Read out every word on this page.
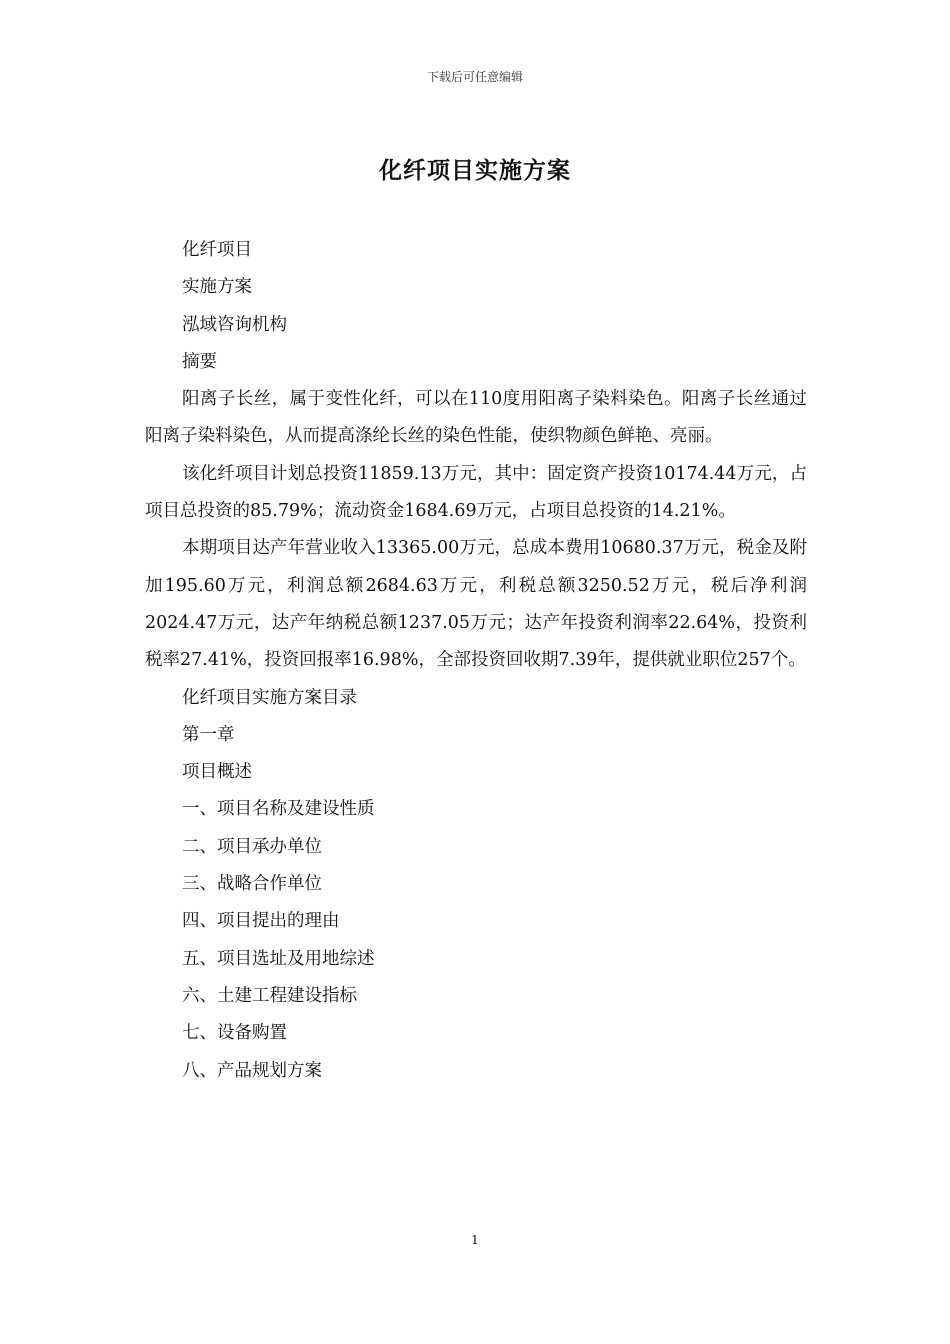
下载后可任意编辑
化纤项目实施方案
化纤项目
实施方案
泓域咨询机构
摘要
阳离子长丝，属于变性化纤，可以在110度用阳离子染料染色。阳离子长丝通过阳离子染料染色，从而提高涤纶长丝的染色性能，使织物颜色鲜艳、亮丽。
该化纤项目计划总投资11859.13万元，其中：固定资产投资10174.44万元，占项目总投资的85.79%；流动资金1684.69万元，占项目总投资的14.21%。
本期项目达产年营业收入13365.00万元，总成本费用10680.37万元，税金及附加195.60万元，利润总额2684.63万元，利税总额3250.52万元，税后净利润2024.47万元，达产年纳税总额1237.05万元；达产年投资利润率22.64%，投资利税率27.41%，投资回报率16.98%，全部投资回收期7.39年，提供就业职位257个。
化纤项目实施方案目录
第一章
项目概述
一、项目名称及建设性质
二、项目承办单位
三、战略合作单位
四、项目提出的理由
五、项目选址及用地综述
六、土建工程建设指标
七、设备购置
八、产品规划方案
1
